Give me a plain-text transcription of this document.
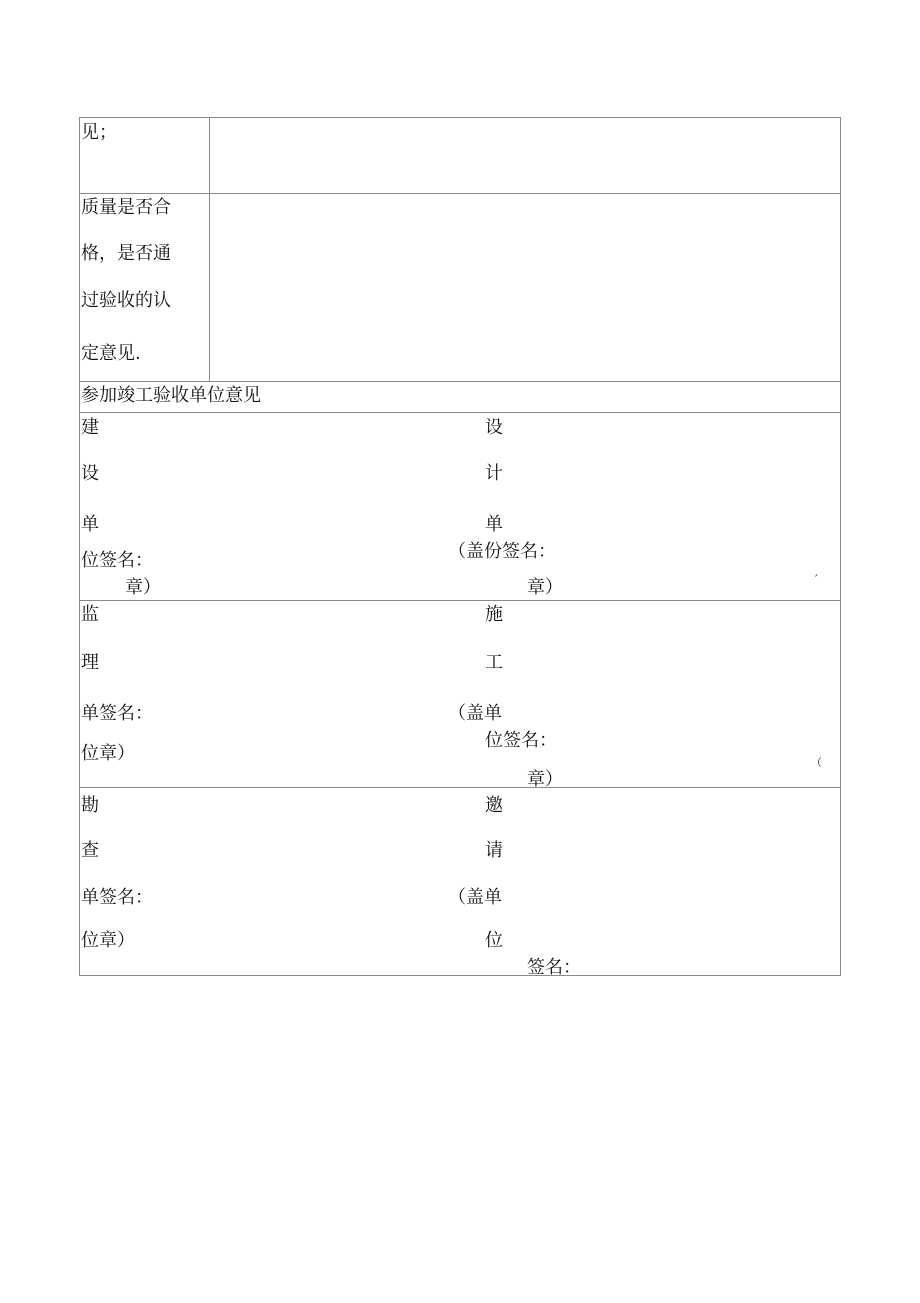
见；
质量是否合
格，是否通
过验收的认
定意见.
参加竣工验收单位意见
建
设
单
位签名：
章）
设
计
单
（盖份签名：
章）
ˏ
监
理
单签名：
位章）
施
工
（盖单
位签名：
章）
（
勘
查
单签名：
位章）
邀
请
（盖单
位
签名：
